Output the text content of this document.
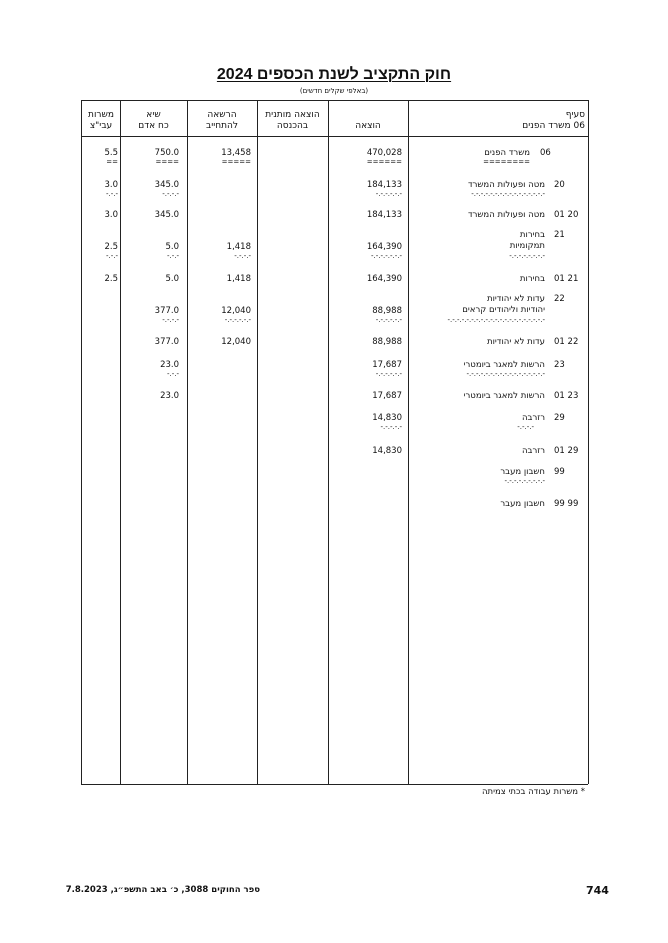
חוק התקציב לשנת הכספים 2024
(באלפי שקלים חדשים)
משרות
עבי"צ
שיא
כח אדם
הרשאה
להתחייב
הוצאה מותנית
בהכנסה	הוצאה
סעיף
06 משרד הפנים
06
משרד הפנים
========
470,028
======
13,458
=====
750.0
====
5.5
==
20
מטה ופעולות המשרד
-.-.-.-.-.-.-.-.-.-.-.-.-.-.-.-
184,133
-.-.-.-.-.-
345.0
-.-.-.-
3.0
-.-.-
20 01
מטה ופעולות המשרד
184,133
345.0
3.0
21
בחירות
תמקומיות
-.-.-.-.-.-.-.-
164,390
-.-.-.-.-.-.-
1,418
-.-.-.-
5.0
-.-.-
2.5
-.-.-
21 01
בחירות
164,390
1,418
5.0
2.5
22
עדות לא יהודיות
יהודיות וליהודים קראים
-.-.-.-.-.-.-.-.-.-.-.-.-.-.-.-.-.-.-.-.-
88,988
-.-.-.-.-.-
12,040
-.-.-.-.-.-
377.0
-.-.-.-
22 01
עדות לא יהודיות
88,988
12,040
377.0
23
הרשות למאגר ביומטרי
-.-.-.-.-.-.-.-.-.-.-.-.-.-.-.-.-
17,687
-.-.-.-.-.-
23.0
-.-.-
23 01
הרשות למאגר ביומטרי
17,687
23.0
29
רזרבה
-.-.-.-
14,830
-.-.-.-.-
29 01
רזרבה
14,830
99
חשבון מעבר
-.-.-.-.-.-.-.-.-
99 99
חשבון מעבר
* משרות עבודה בכתי צמיתה
744
ספר החוקים 3088, כ׳ באב התשפ״ג, 7.8.2023
